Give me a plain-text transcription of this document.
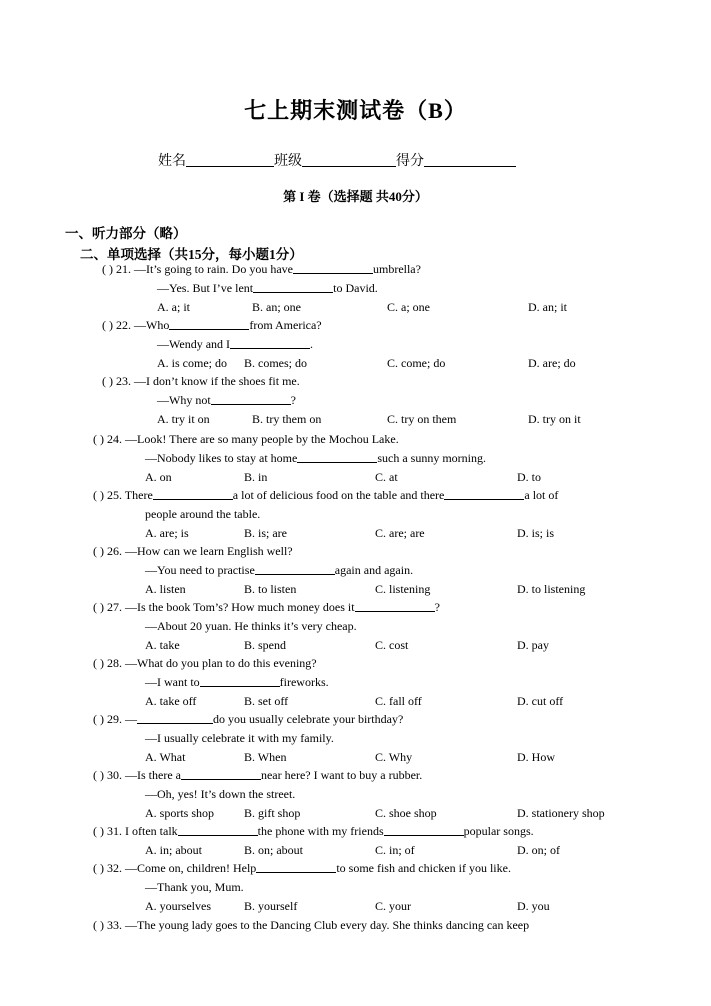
七上期末测试卷（B）
姓名	班级	得分
第 I 卷（选择题 共40分）
一、听力部分（略）
二、单项选择（共15分，每小题1分）
( ) 21. —It’s going to rain. Do you have	umbrella?
—Yes. But I’ve lent	to David.
A. a; it	B. an; one	C. a; one	D. an; it
( ) 22. —Who	from America?
—Wendy and I	.
A. is come; do B. comes; do	C. come; do	D. are; do
( ) 23. —I don’t know if the shoes fit me.
—Why not	?
A. try it on	B. try them on	C. try on them	D. try on it
( ) 24. —Look! There are so many people by the Mochou Lake.
—Nobody likes to stay at home	such a sunny morning.
A. on	B. in	C. at	D. to
( ) 25. There	a lot of delicious food on the table and there	a lot of
people around the table.
A. are; is	B. is; are	C. are; are	D. is; is
( ) 26. —How can we learn English well?
—You need to practise	again and again.
A. listen	B. to listen	C. listening	D. to listening
( ) 27. —Is the book Tom’s? How much money does it	?
—About 20 yuan. He thinks it’s very cheap.
A. take	B. spend	C. cost	D. pay
( ) 28. —What do you plan to do this evening?
—I want to	fireworks.
A. take off	B. set off	C. fall off	D. cut off
( ) 29. —	do you usually celebrate your birthday?
—I usually celebrate it with my family.
A. What	B. When	C. Why	D. How
( ) 30. —Is there a	near here? I want to buy a rubber.
—Oh, yes! It’s down the street.
A. sports shop B. gift shop	C. shoe shop	D. stationery shop
( ) 31. I often talk	the phone with my friends	popular songs.
A. in; about	B. on; about	C. in; of	D. on; of
( ) 32. —Come on, children! Help	to some fish and chicken if you like.
—Thank you, Mum.
A. yourselves	B. yourself	C. your	D. you
( ) 33. —The young lady goes to the Dancing Club every day. She thinks dancing can keep
